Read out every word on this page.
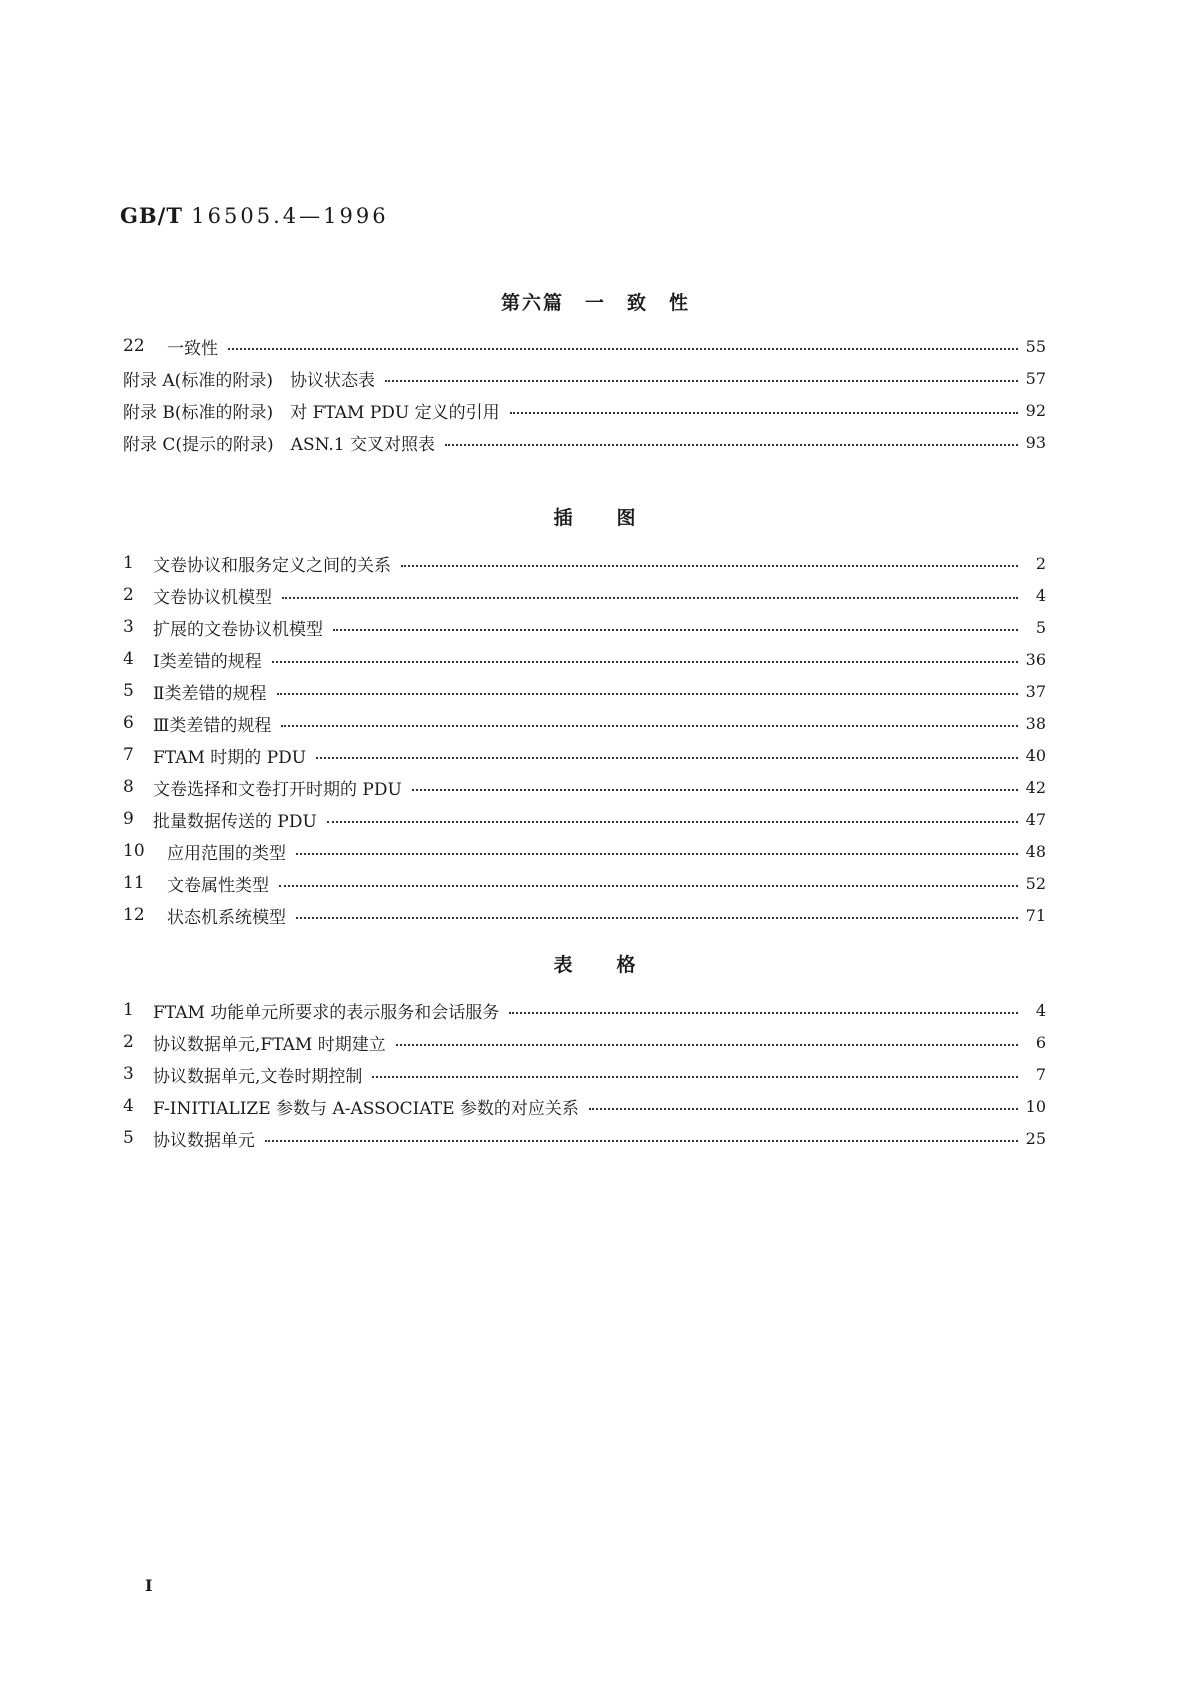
GB/T 16505.4—1996
第六篇　一　致　性
22	一致性	55
附录 A(标准的附录)　协议状态表	57
附录 B(标准的附录)　对 FTAM PDU 定义的引用	92
附录 C(提示的附录)　ASN.1 交叉对照表	93
插　　图
1	文卷协议和服务定义之间的关系	2
2	文卷协议机模型	4
3	扩展的文卷协议机模型	5
4	Ⅰ类差错的规程	36
5	Ⅱ类差错的规程	37
6	Ⅲ类差错的规程	38
7	FTAM 时期的 PDU	40
8	文卷选择和文卷打开时期的 PDU	42
9	批量数据传送的 PDU	47
10	应用范围的类型	48
11	文卷属性类型	52
12	状态机系统模型	71
表　　格
1	FTAM 功能单元所要求的表示服务和会话服务	4
2	协议数据单元,FTAM 时期建立	6
3	协议数据单元,文卷时期控制	7
4	F-INITIALIZE 参数与 A-ASSOCIATE 参数的对应关系	10
5	协议数据单元	25
Ⅰ
